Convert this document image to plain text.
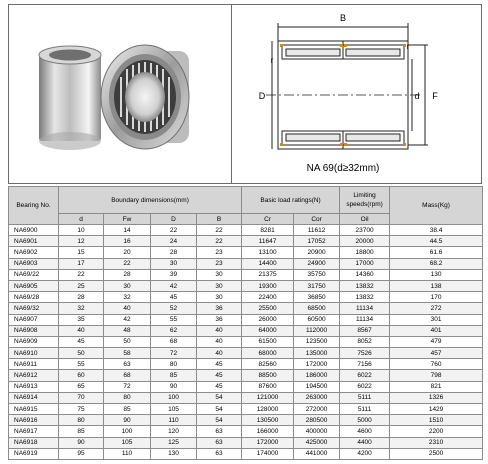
B
D	d F
r
r
NA 69(d≥32mm)
Bearing No.	Boundary dimensions(mm)				Basic load ratings(N)		Limiting speeds(rpm)	Mass(Kg)
	d	Fw	D	B	Cr	Cor	Oil	
NA6900	10	14	22	22	8281	11612	23700	38.4
NA6901	12	16	24	22	11647	17052	20000	44.5
NA6902	15	20	28	23	13100	20900	18800	61.6
NA6903	17	22	30	23	14400	24900	17000	68.2
NA69/22	22	28	39	30	21375	35750	14360	130
NA6905	25	30	42	30	19300	31750	13832	138
NA69/28	28	32	45	30	22400	36850	13832	170
NA69/32	32	40	52	36	25500	68500	11134	272
NA6907	35	42	55	36	26000	60500	11134	301
NA6908	40	48	62	40	64000	112000	8567	401
NA6909	45	50	68	40	61500	123500	8052	479
NA6910	50	58	72	40	68000	135000	7526	457
NA6911	55	63	80	45	82560	172000	7156	760
NA6912	60	68	85	45	88500	186000	6022	798
NA6913	65	72	90	45	87600	194500	6022	821
NA6914	70	80	100	54	121000	263000	5111	1326
NA6915	75	85	105	54	128000	272000	5111	1429
NA6916	80	90	110	54	130500	280500	5000	1510
NA6917	85	100	120	63	166000	400000	4600	2200
NA6918	90	105	125	63	172000	425000	4400	2310
NA6919	95	110	130	63	174000	441000	4200	2500
